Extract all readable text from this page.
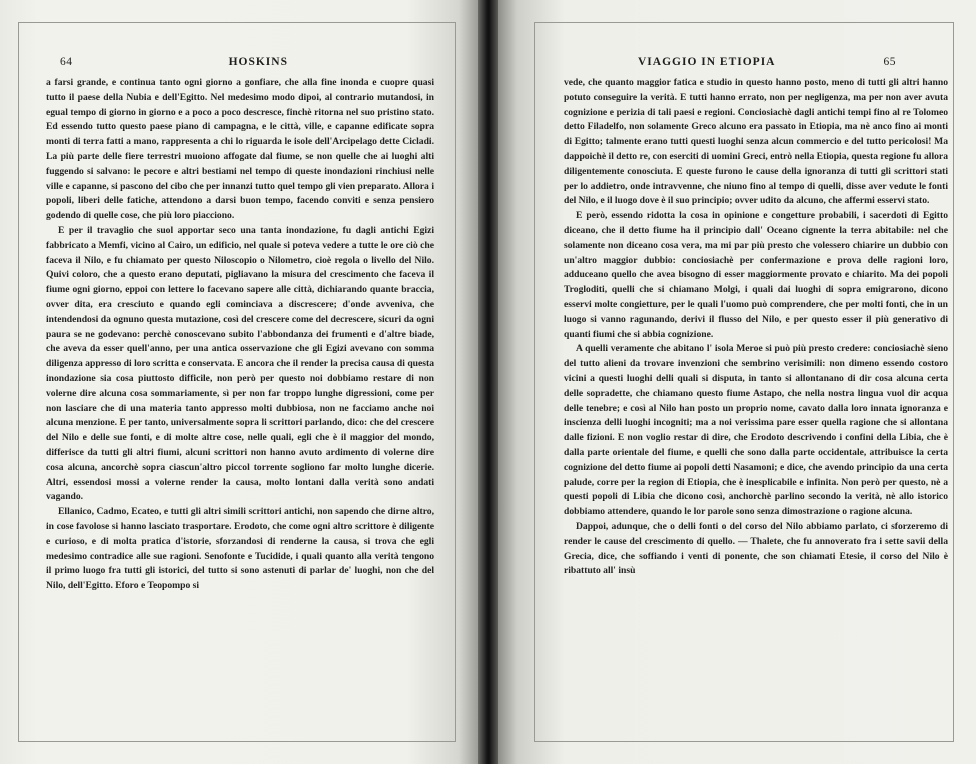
64	HOSKINS

a farsi grande, e continua tanto ogni giorno a gonfiare, che alla fine inonda e cuopre quasi tutto il paese della Nubia e dell'Egitto. Nel medesimo modo dipoi, al contrario mutandosi, in egual tempo di giorno in giorno e a poco a poco descresce, finchè ritorna nel suo pristino stato. Ed essendo tutto questo paese piano di campagna, e le città, ville, e capanne edificate sopra monti di terra fatti a mano, rappresenta a chi lo riguarda le isole dell'Arcipelago dette Cicladi. La più parte delle fiere terrestri muoiono affogate dal fiume, se non quelle che ai luoghi alti fuggendo si salvano: le pecore e altri bestiami nel tempo di queste inondazioni rinchiusi nelle ville e capanne, si pascono del cibo che per innanzi tutto quel tempo gli vien preparato. Allora i popoli, liberi delle fatiche, attendono a darsi buon tempo, facendo conviti e senza pensiero godendo di quelle cose, che più loro piacciono.

E per il travaglio che suol apportar seco una tanta inondazione, fu dagli antichi Egizi fabbricato a Memfi, vicino al Cairo, un edificio, nel quale si poteva vedere a tutte le ore ciò che faceva il Nilo, e fu chiamato per questo Niloscopio o Nilometro, cioè regola o livello del Nilo. Quivi coloro, che a questo erano deputati, pigliavano la misura del crescimento che faceva il fiume ogni giorno, eppoi con lettere lo facevano sapere alle città, dichiarando quante braccia, ovver dita, era cresciuto e quando egli cominciava a discrescere; d'onde avveniva, che intendendosi da ognuno questa mutazione, così del crescere come del decrescere, sicuri da ogni paura se ne godevano: perchè conoscevano subito l'abbondanza dei frumenti e d'altre biade, che aveva da esser quell'anno, per una antica osservazione che gli Egizi avevano con somma diligenza appresso di loro scritta e conservata. E ancora che il render la precisa causa di questa inondazione sia cosa piuttosto difficile, non però per questo noi dobbiamo restare di non volerne dire alcuna cosa sommariamente, sì per non far troppo lunghe digressioni, come per non lasciare che di una materia tanto appresso molti dubbiosa, non ne facciamo anche noi alcuna menzione. E per tanto, universalmente sopra li scrittori parlando, dico: che del crescere del Nilo e delle sue fonti, e di molte altre cose, nelle quali, egli che è il maggior del mondo, differisce da tutti gli altri fiumi, alcuni scrittori non hanno avuto ardimento di volerne dire cosa alcuna, ancorchè sopra ciascun'altro piccol torrente sogliono far molto lunghe dicerie. Altri, essendosi mossi a volerne render la causa, molto lontani dalla verità sono andati vagando.

Ellanico, Cadmo, Ecateo, e tutti gli altri simili scrittori antichi, non sapendo che dirne altro, in cose favolose si hanno lasciato trasportare. Erodoto, che come ogni altro scrittore è diligente e curioso, e di molta pratica d'istorie, sforzandosi di renderne la causa, si trova che egli medesimo contradice alle sue ragioni. Senofonte e Tucidide, i quali quanto alla verità tengono il primo luogo fra tutti gli istorici, del tutto si sono astenuti di parlar de' luoghi, non che del Nilo, dell'Egitto. Eforo e Teopompo si

VIAGGIO IN ETIOPIA	65

vede, che quanto maggior fatica e studio in questo hanno posto, meno di tutti gli altri hanno potuto conseguire la verità. E tutti hanno errato, non per negligenza, ma per non aver avuta cognizione e perizia di tali paesi e regioni. Conciosiachè dagli antichi tempi fino al re Tolomeo detto Filadelfo, non solamente Greco alcuno era passato in Etiopia, ma nè anco fino ai monti di Egitto; talmente erano tutti questi luoghi senza alcun commercio e del tutto pericolosi! Ma dappoichè il detto re, con eserciti di uomini Greci, entrò nella Etiopia, questa regione fu allora diligentemente conosciuta. E queste furono le cause della ignoranza di tutti gli scrittori stati per lo addietro, onde intravvenne, che niuno fino al tempo di quelli, disse aver vedute le fonti del Nilo, e il luogo dove è il suo principio; ovver udito da alcuno, che affermi esservi stato.

E però, essendo ridotta la cosa in opinione e congetture probabili, i sacerdoti di Egitto diceano, che il detto fiume ha il principio dall' Oceano cignente la terra abitabile: nel che solamente non diceano cosa vera, ma mi par più presto che volessero chiarire un dubbio con un'altro maggior dubbio: conciosiachè per confermazione e prova delle ragioni loro, adduceano quello che avea bisogno di esser maggiormente provato e chiarito. Ma dei popoli Trogloditi, quelli che si chiamano Molgi, i quali dai luoghi di sopra emigrarono, dicono esservi molte congietture, per le quali l'uomo può comprendere, che per molti fonti, che in un luogo si vanno ragunando, derivi il flusso del Nilo, e per questo esser il più generativo di quanti fiumi che si abbia cognizione.

A quelli veramente che abitano l' isola Meroe si può più presto credere: conciosiachè sieno del tutto alieni da trovare invenzioni che sembrino verisimili: non dimeno essendo costoro vicini a questi luoghi delli quali si disputa, in tanto si allontanano di dir cosa alcuna certa delle sopradette, che chiamano questo fiume Astapo, che nella nostra lingua vuol dir acqua delle tenebre; e così al Nilo han posto un proprio nome, cavato dalla loro innata ignoranza e inscienza delli luoghi incogniti; ma a noi verissima pare esser quella ragione che si allontana dalle fizioni. E non voglio restar di dire, che Erodoto descrivendo i confini della Libia, che è dalla parte orientale del fiume, e quelli che sono dalla parte occidentale, attribuisce la certa cognizione del detto fiume ai popoli detti Nasamoni; e dice, che avendo principio da una certa palude, corre per la region di Etiopia, che è inesplicabile e infinita. Non però per questo, nè a questi popoli di Libia che dicono così, anchorchè parlino secondo la verità, nè allo istorico dobbiamo attendere, quando le lor parole sono senza dimostrazione o ragione alcuna.

Dappoi, adunque, che o delli fonti o del corso del Nilo abbiamo parlato, ci sforzeremo di render le cause del crescimento di quello. — Thalete, che fu annoverato fra i sette savii della Grecia, dice, che soffiando i venti di ponente, che son chiamati Etesie, il corso del Nilo è ribattuto all' insù
